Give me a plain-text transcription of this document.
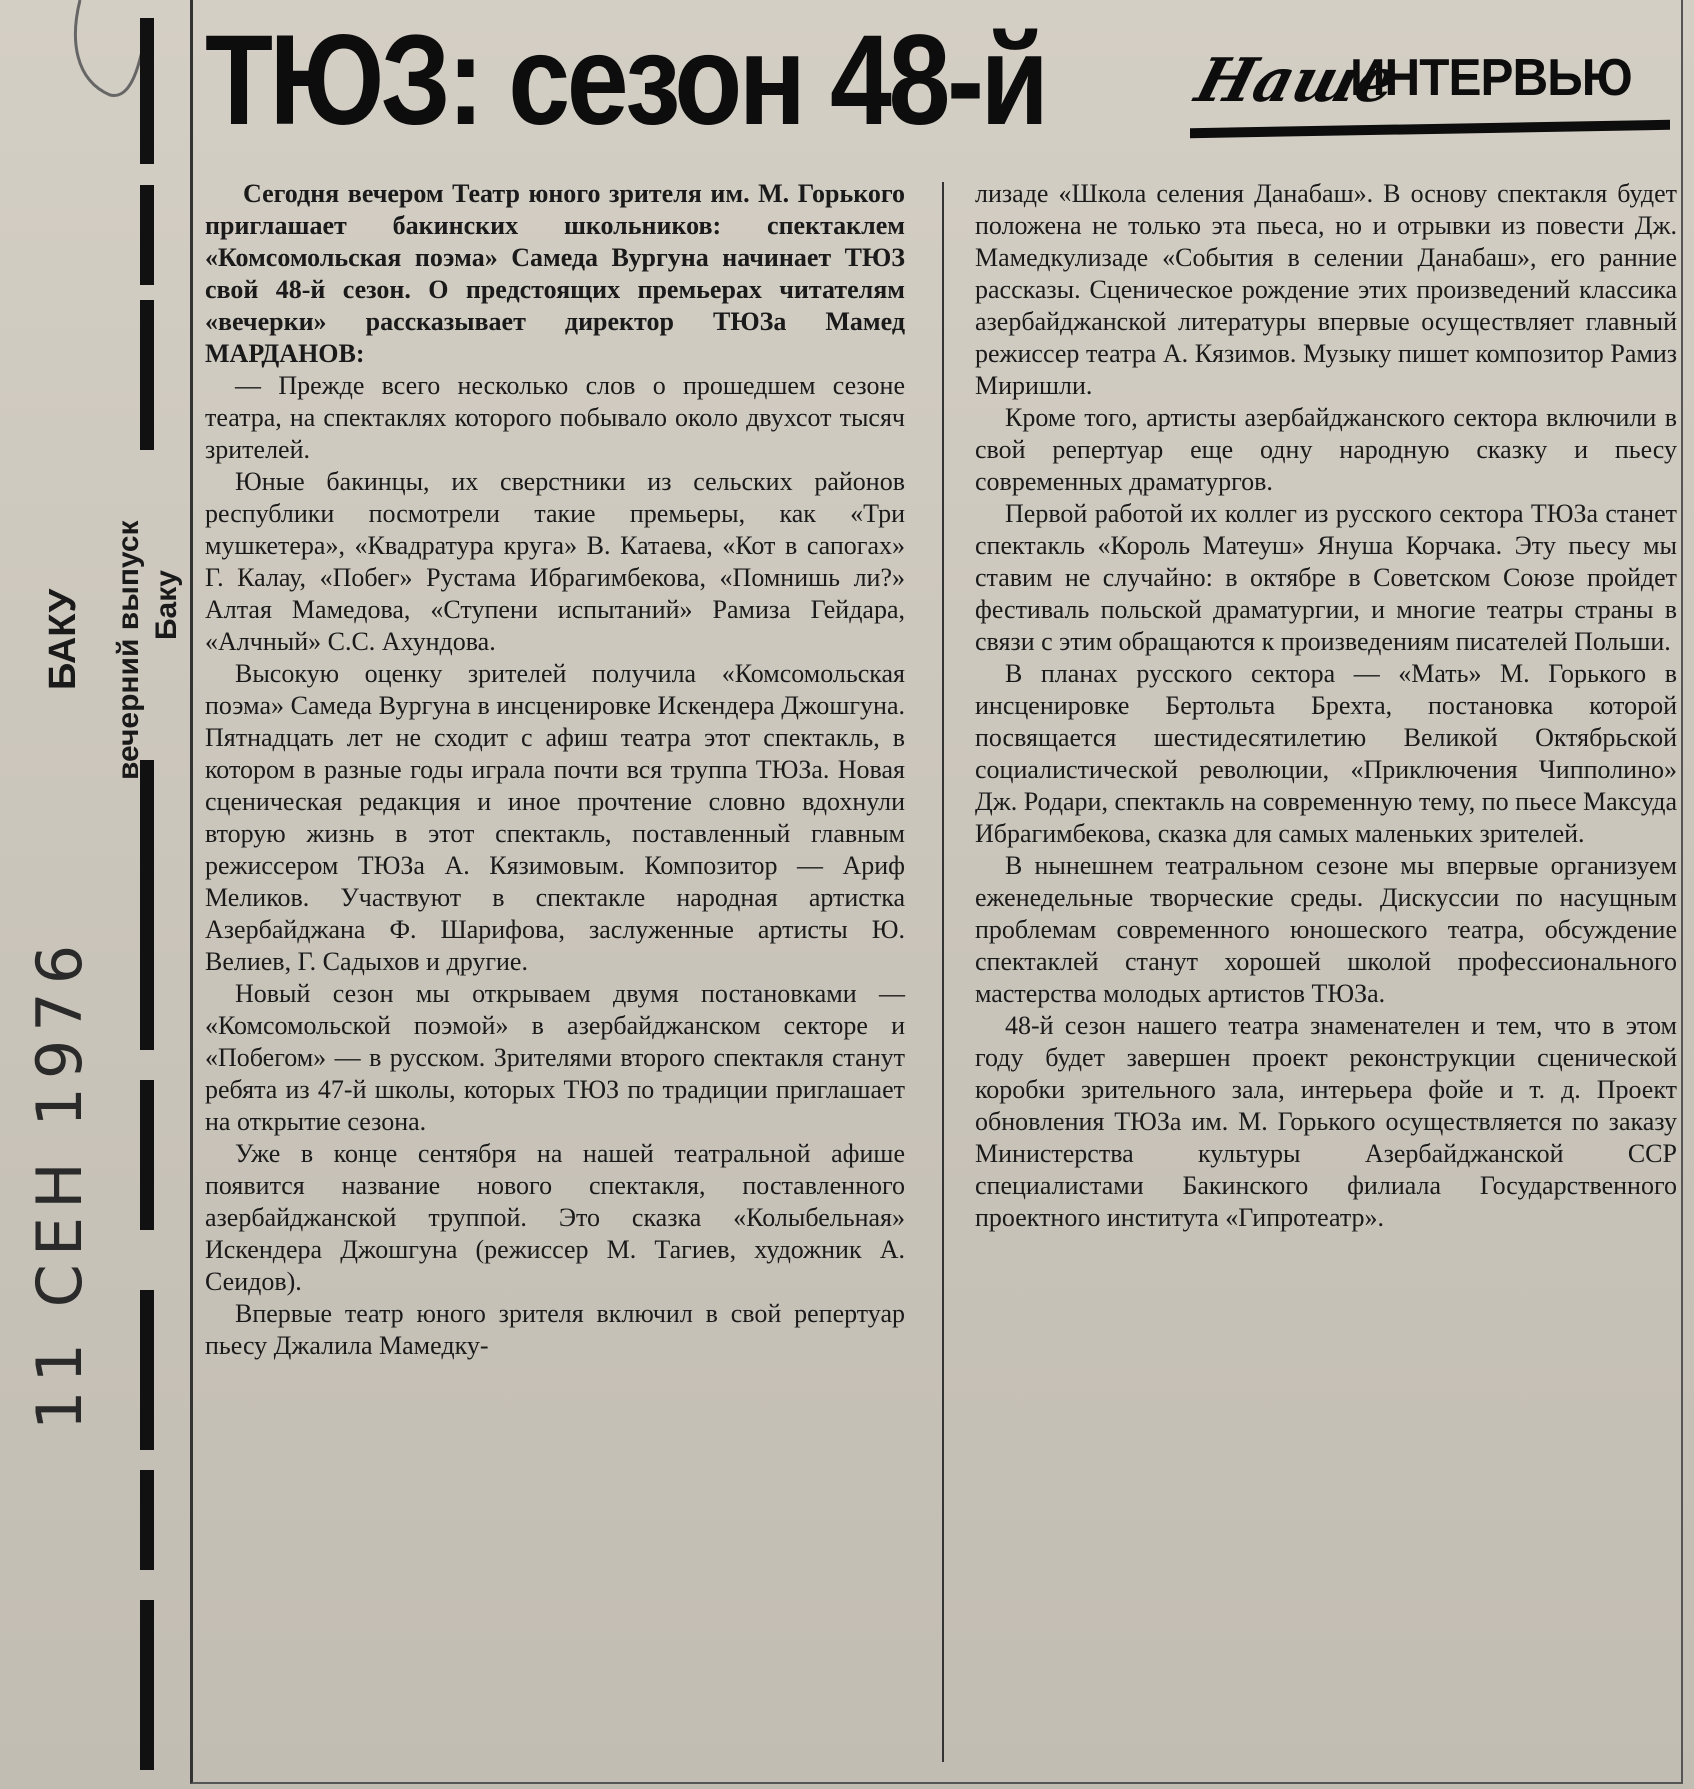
БАКУ вечерний выпуск Баку
11 СЕН 1976
ТЮЗ: сезон 48-й	Наше
ИНТЕРВЬЮ

Сегодня вечером Театр юного зрителя им. М. Горького приглашает бакинских школьников: спектаклем «Комсомольская поэма» Самеда Вургуна начинает ТЮЗ свой 48-й сезон. О предстоящих премьерах читателям «вечерки» рассказывает директор ТЮЗа Мамед МАРДАНОВ:

— Прежде всего несколько слов о прошедшем сезоне театра, на спектаклях которого побывало около двухсот тысяч зрителей.

Юные бакинцы, их сверстники из сельских районов республики посмотрели такие премьеры, как «Три мушкетера», «Квадратура круга» В. Катаева, «Кот в сапогах» Г. Калау, «Побег» Рустама Ибрагимбекова, «Помнишь ли?» Алтая Мамедова, «Ступени испытаний» Рамиза Гейдара, «Алчный» С.С. Ахундова.

Высокую оценку зрителей получила «Комсомольская поэма» Самеда Вургуна в инсценировке Искендера Джошгуна. Пятнадцать лет не сходит с афиш театра этот спектакль, в котором в разные годы играла почти вся труппа ТЮЗа. Новая сценическая редакция и иное прочтение словно вдохнули вторую жизнь в этот спектакль, поставленный главным режиссером ТЮЗа А. Кязимовым. Композитор — Ариф Меликов. Участвуют в спектакле народная артистка Азербайджана Ф. Шарифова, заслуженные артисты Ю. Велиев, Г. Садыхов и другие.

Новый сезон мы открываем двумя постановками — «Комсомольской поэмой» в азербайджанском секторе и «Побегом» — в русском. Зрителями второго спектакля станут ребята из 47-й школы, которых ТЮЗ по традиции приглашает на открытие сезона.

Уже в конце сентября на нашей театральной афише появится название нового спектакля, поставленного азербайджанской труппой. Это сказка «Колыбельная» Искендера Джошгуна (режиссер М. Тагиев, художник А. Сеидов).

Впервые театр юного зрителя включил в свой репертуар пьесу Джалила Мамедку-

лизаде «Школа селения Данабаш». В основу спектакля будет положена не только эта пьеса, но и отрывки из повести Дж. Мамедкулизаде «События в селении Данабаш», его ранние рассказы. Сценическое рождение этих произведений классика азербайджанской литературы впервые осуществляет главный режиссер театра А. Кязимов. Музыку пишет композитор Рамиз Миришли.

Кроме того, артисты азербайджанского сектора включили в свой репертуар еще одну народную сказку и пьесу современных драматургов.

Первой работой их коллег из русского сектора ТЮЗа станет спектакль «Король Матеуш» Януша Корчака. Эту пьесу мы ставим не случайно: в октябре в Советском Союзе пройдет фестиваль польской драматургии, и многие театры страны в связи с этим обращаются к произведениям писателей Польши.

В планах русского сектора — «Мать» М. Горького в инсценировке Бертольта Брехта, постановка которой посвящается шестидесятилетию Великой Октябрьской социалистической революции, «Приключения Чипполино» Дж. Родари, спектакль на современную тему, по пьесе Максуда Ибрагимбекова, сказка для самых маленьких зрителей.

В нынешнем театральном сезоне мы впервые организуем еженедельные творческие среды. Дискуссии по насущным проблемам современного юношеского театра, обсуждение спектаклей станут хорошей школой профессионального мастерства молодых артистов ТЮЗа.

48-й сезон нашего театра знаменателен и тем, что в этом году будет завершен проект реконструкции сценической коробки зрительного зала, интерьера фойе и т. д. Проект обновления ТЮЗа им. М. Горького осуществляется по заказу Министерства культуры Азербайджанской ССР специалистами Бакинского филиала Государственного проектного института «Гипротеатр».
